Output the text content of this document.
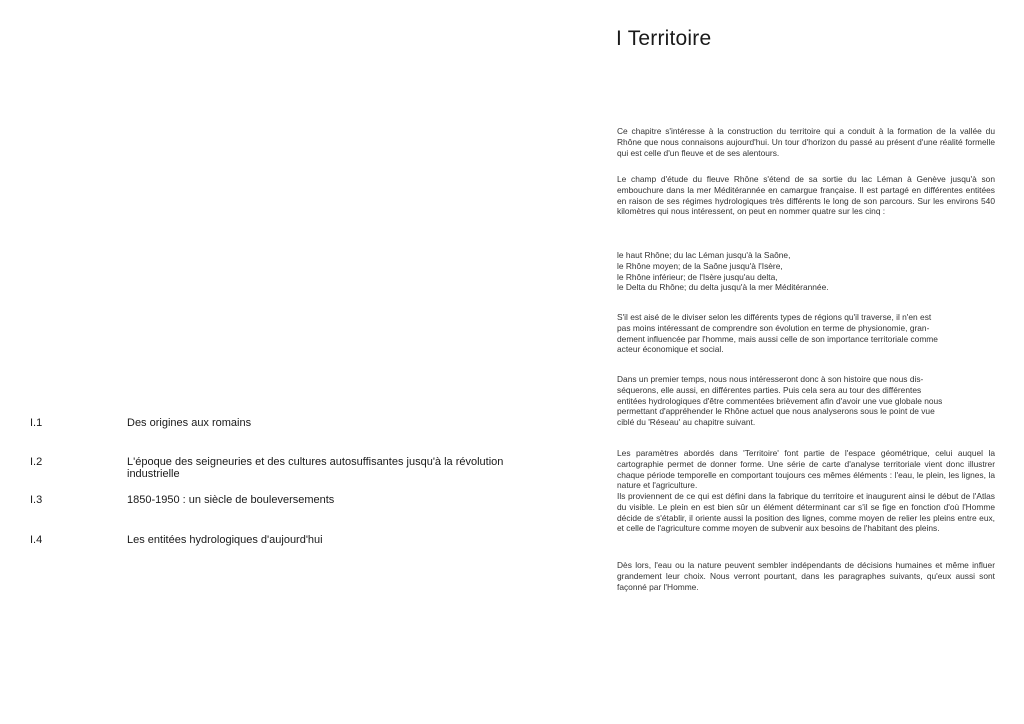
I.1	Des origines aux romains
I.2	L'époque des seigneuries et des cultures autosuffisantes jusqu'à la révolution industrielle
I.3	1850-1950 : un siècle de bouleversements
I.4	Les entitées hydrologiques d'aujourd'hui
I Territoire

Ce chapitre s'intéresse à la construction du territoire qui a conduit à la formation de la vallée du Rhône que nous connaisons aujourd'hui. Un tour d'horizon du passé au présent d'une réalité formelle qui est celle d'un fleuve et de ses alentours.

Le champ d'étude du fleuve Rhône s'étend de sa sortie du lac Léman à Genève jusqu'à son embouchure dans la mer Méditérannée en camargue française. Il est partagé en différentes entitées en raison de ses régimes hydrologiques très différents le long de son parcours. Sur les environs 540 kilomètres qui nous intéressent, on peut en nommer quatre sur les cinq :

le haut Rhône; du lac Léman jusqu'à la Saône,
le Rhône moyen; de la Saône jusqu'à l'Isère,
le Rhône inférieur; de l'Isère jusqu'au delta,
le Delta du Rhône; du delta jusqu'à la mer Méditérannée.

S'il est aisé de le diviser selon les différents types de régions qu'il traverse, il n'en est
pas moins intéressant de comprendre son évolution en terme de physionomie, gran-
dement influencée par l'homme, mais aussi celle de son importance territoriale comme
acteur économique et social.

Dans un premier temps, nous nous intéresseront donc à son histoire que nous dis-
séquerons, elle aussi, en différentes parties. Puis cela sera au tour des différentes
entitées hydrologiques d'être commentées brièvement afin d'avoir une vue globale nous
permettant d'appréhender le Rhône actuel que nous analyserons sous le point de vue
ciblé du 'Réseau' au chapitre suivant.

Les paramètres abordés dans 'Territoire' font partie de l'espace géométrique, celui auquel la cartographie permet de donner forme. Une série de carte d'analyse territoriale vient donc illustrer chaque période temporelle en comportant toujours ces mêmes éléments : l'eau, le plein, les lignes, la nature et l'agriculture.

Ils proviennent de ce qui est défini dans la fabrique du territoire et inaugurent ainsi le début de l'Atlas du visible. Le plein en est bien sûr un élément déterminant car s'il se fige en fonction d'où l'Homme décide de s'établir, il oriente aussi la position des lignes, comme moyen de relier les pleins entre eux, et celle de l'agriculture comme moyen de subvenir aux besoins de l'habitant des pleins.

Dès lors, l'eau ou la nature peuvent sembler indépendants de décisions humaines et même influer grandement leur choix. Nous verront pourtant, dans les paragraphes suivants, qu'eux aussi sont façonné par l'Homme.
